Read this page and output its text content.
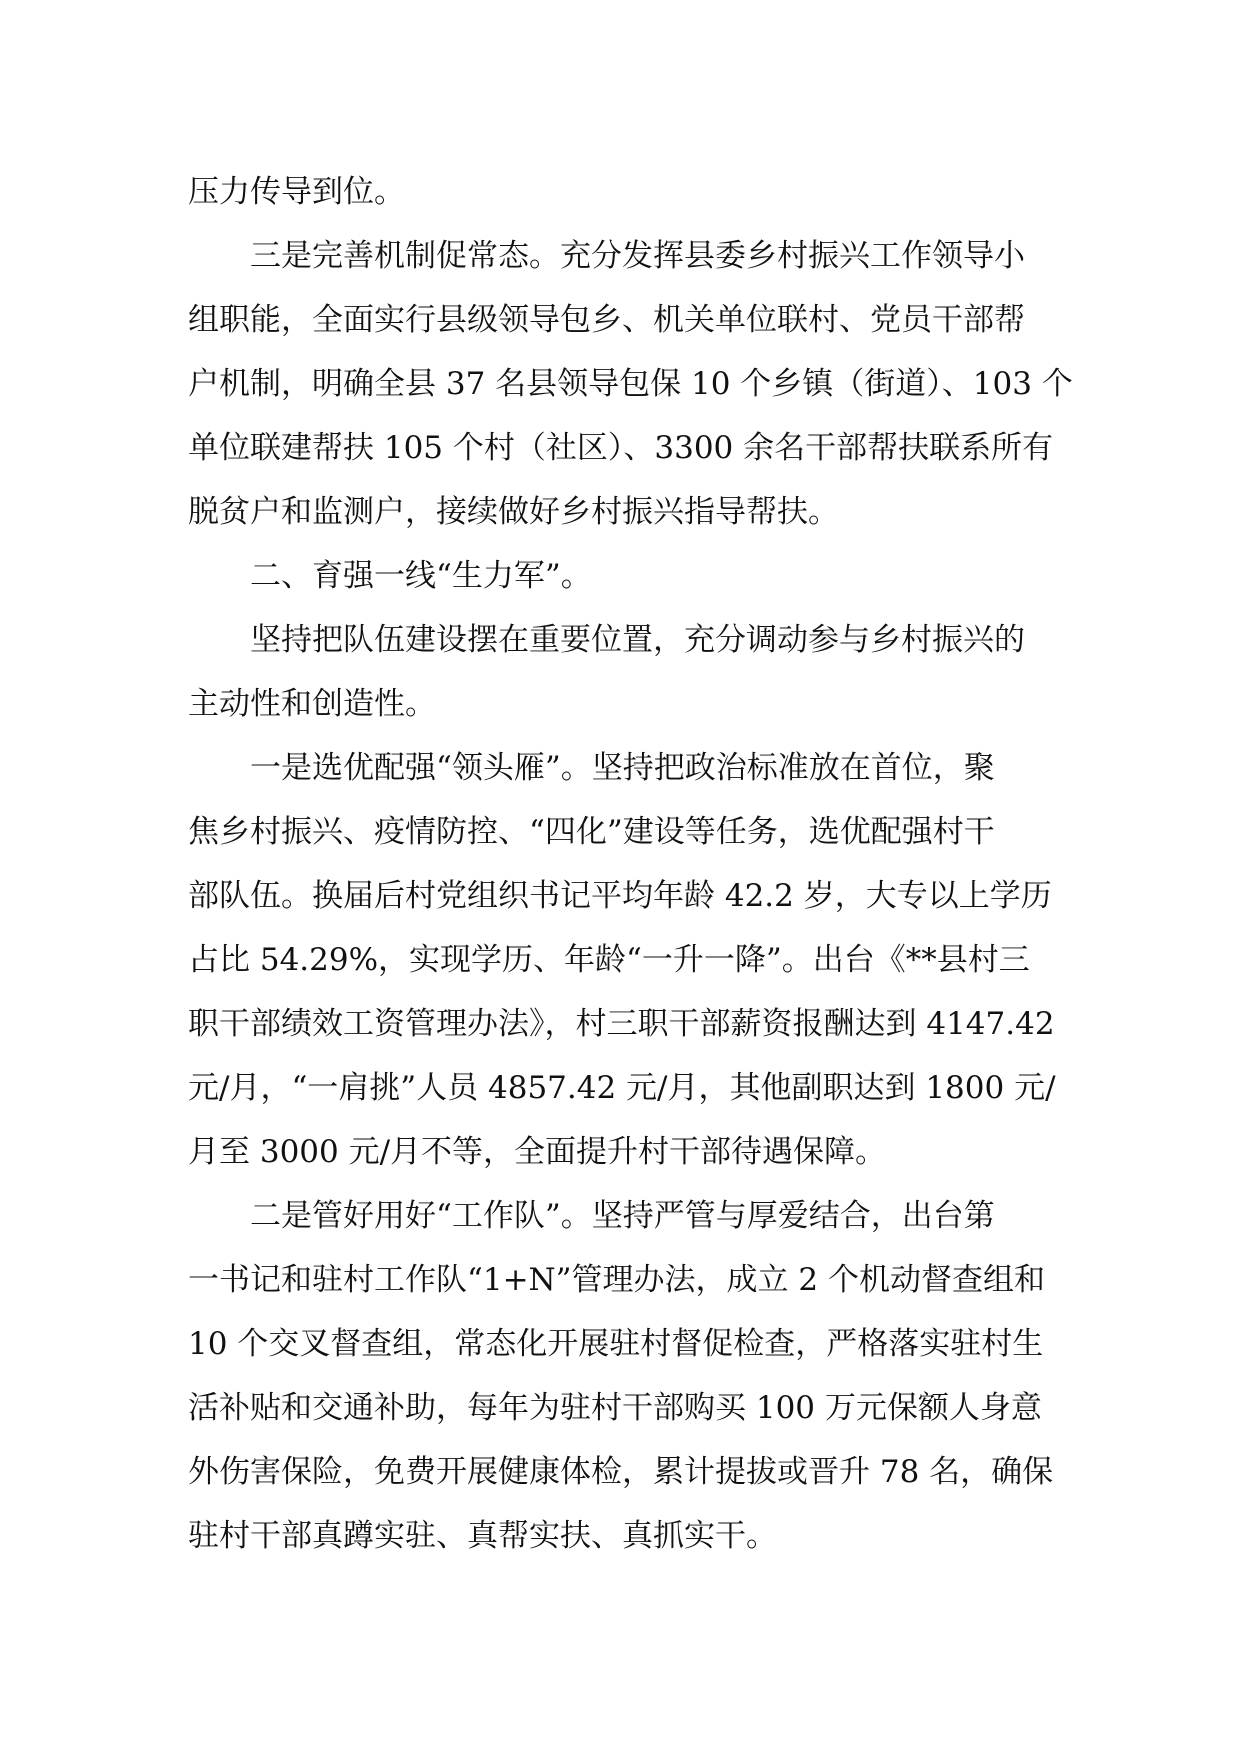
压力传导到位。
三是完善机制促常态。充分发挥县委乡村振兴工作领导小
组职能，全面实行县级领导包乡、机关单位联村、党员干部帮
户机制，明确全县 37 名县领导包保 10 个乡镇（街道）、103 个
单位联建帮扶 105 个村（社区）、3300 余名干部帮扶联系所有
脱贫户和监测户，接续做好乡村振兴指导帮扶。
二、育强一线“生力军”。
坚持把队伍建设摆在重要位置，充分调动参与乡村振兴的
主动性和创造性。
一是选优配强“领头雁”。坚持把政治标准放在首位，聚
焦乡村振兴、疫情防控、“四化”建设等任务，选优配强村干
部队伍。换届后村党组织书记平均年龄 42.2 岁，大专以上学历
占比 54.29%，实现学历、年龄“一升一降”。出台《**县村三
职干部绩效工资管理办法》，村三职干部薪资报酬达到 4147.42
元/月，“一肩挑”人员 4857.42 元/月，其他副职达到 1800 元/
月至 3000 元/月不等，全面提升村干部待遇保障。
二是管好用好“工作队”。坚持严管与厚爱结合，出台第
一书记和驻村工作队“1+N”管理办法，成立 2 个机动督查组和
10 个交叉督查组，常态化开展驻村督促检查，严格落实驻村生
活补贴和交通补助，每年为驻村干部购买 100 万元保额人身意
外伤害保险，免费开展健康体检，累计提拔或晋升 78 名，确保
驻村干部真蹲实驻、真帮实扶、真抓实干。
